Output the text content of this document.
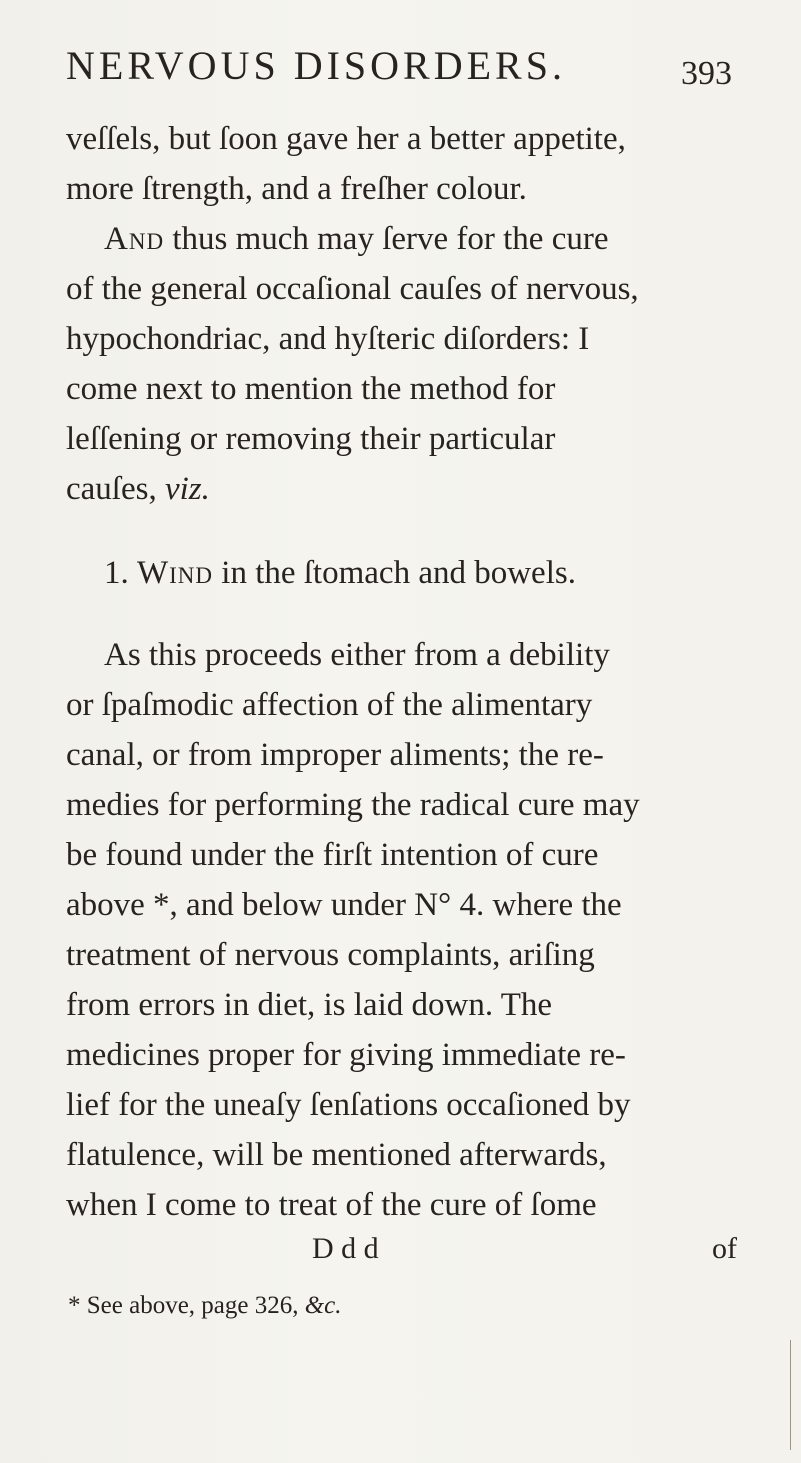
NERVOUS DISORDERS.	393
veſſels, but ſoon gave her a better appetite,
more ſtrength, and a freſher colour.
And thus much may ſerve for the cure
of the general occaſional cauſes of nervous,
hypochondriac, and hyſteric diſorders: I
come next to mention the method for
leſſening or removing their particular
cauſes, viz.
1. Wind in the ſtomach and bowels.
As this proceeds either from a debility
or ſpaſmodic affection of the alimentary
canal, or from improper aliments; the re-
medies for performing the radical cure may
be found under the firſt intention of cure
above *, and below under N° 4. where the
treatment of nervous complaints, ariſing
from errors in diet, is laid down. The
medicines proper for giving immediate re-
lief for the uneaſy ſenſations occaſioned by
flatulence, will be mentioned afterwards,
when I come to treat of the cure of ſome
D d d	of
* See above, page 326, &c.
